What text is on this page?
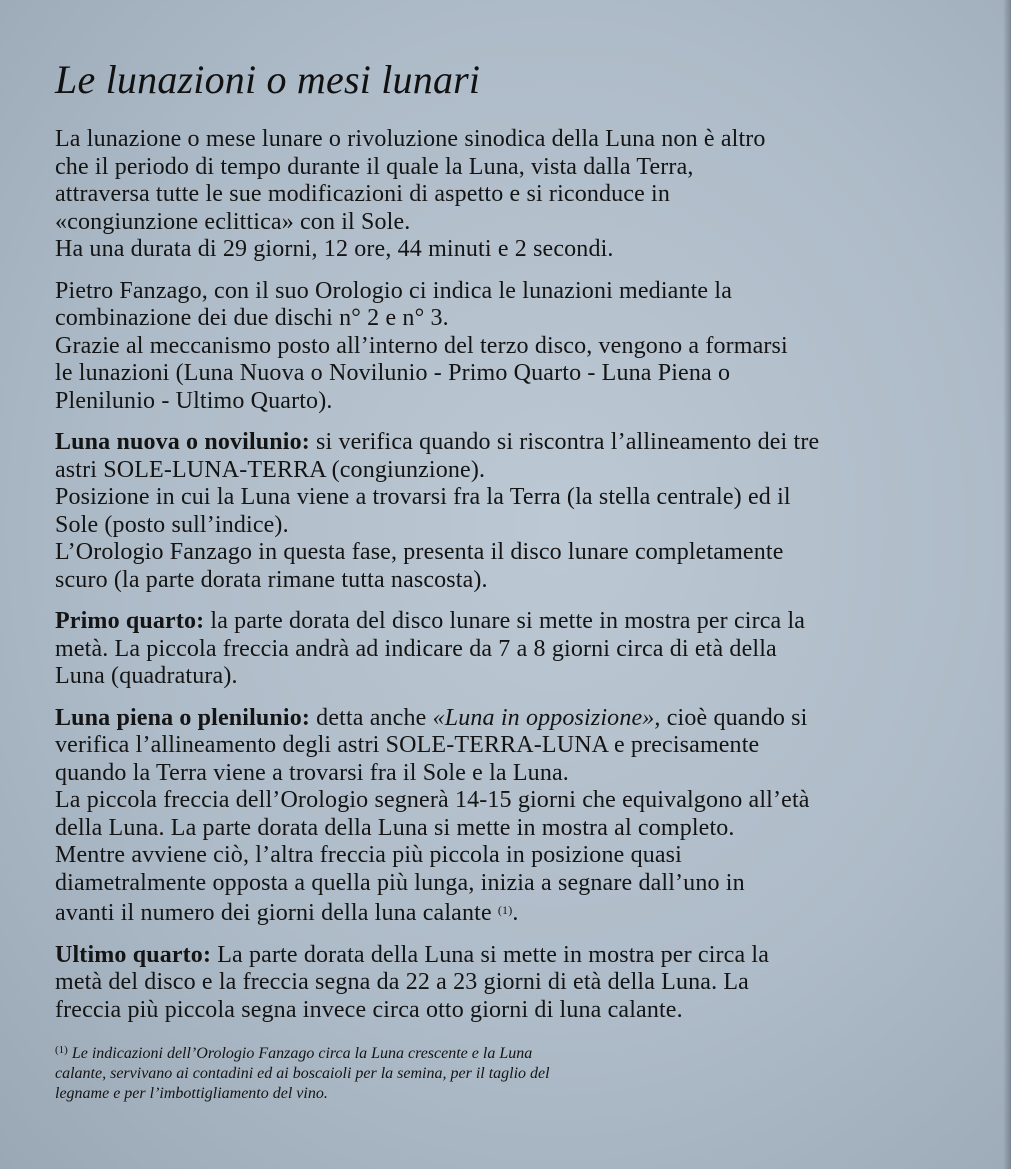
Le lunazioni o mesi lunari

La lunazione o mese lunare o rivoluzione sinodica della Luna non è altro
che il periodo di tempo durante il quale la Luna, vista dalla Terra,
attraversa tutte le sue modificazioni di aspetto e si riconduce in
«congiunzione eclittica» con il Sole.
Ha una durata di 29 giorni, 12 ore, 44 minuti e 2 secondi.

Pietro Fanzago, con il suo Orologio ci indica le lunazioni mediante la
combinazione dei due dischi n° 2 e n° 3.
Grazie al meccanismo posto all’interno del terzo disco, vengono a formarsi
le lunazioni (Luna Nuova o Novilunio - Primo Quarto - Luna Piena o
Plenilunio - Ultimo Quarto).

Luna nuova o novilunio: si verifica quando si riscontra l’allineamento dei tre
astri SOLE-LUNA-TERRA (congiunzione).
Posizione in cui la Luna viene a trovarsi fra la Terra (la stella centrale) ed il
Sole (posto sull’indice).
L’Orologio Fanzago in questa fase, presenta il disco lunare completamente
scuro (la parte dorata rimane tutta nascosta).

Primo quarto: la parte dorata del disco lunare si mette in mostra per circa la
metà. La piccola freccia andrà ad indicare da 7 a 8 giorni circa di età della
Luna (quadratura).

Luna piena o plenilunio: detta anche «Luna in opposizione», cioè quando si
verifica l’allineamento degli astri SOLE-TERRA-LUNA e precisamente
quando la Terra viene a trovarsi fra il Sole e la Luna.
La piccola freccia dell’Orologio segnerà 14-15 giorni che equivalgono all’età
della Luna. La parte dorata della Luna si mette in mostra al completo.
Mentre avviene ciò, l’altra freccia più piccola in posizione quasi
diametralmente opposta a quella più lunga, inizia a segnare dall’uno in
avanti il numero dei giorni della luna calante $^{(1)}$.

Ultimo quarto: La parte dorata della Luna si mette in mostra per circa la
metà del disco e la freccia segna da 22 a 23 giorni di età della Luna. La
freccia più piccola segna invece circa otto giorni di luna calante.

$^{(1)}$ Le indicazioni dell’Orologio Fanzago circa la Luna crescente e la Luna
calante, servivano ai contadini ed ai boscaioli per la semina, per il taglio del
legname e per l’imbottigliamento del vino.
